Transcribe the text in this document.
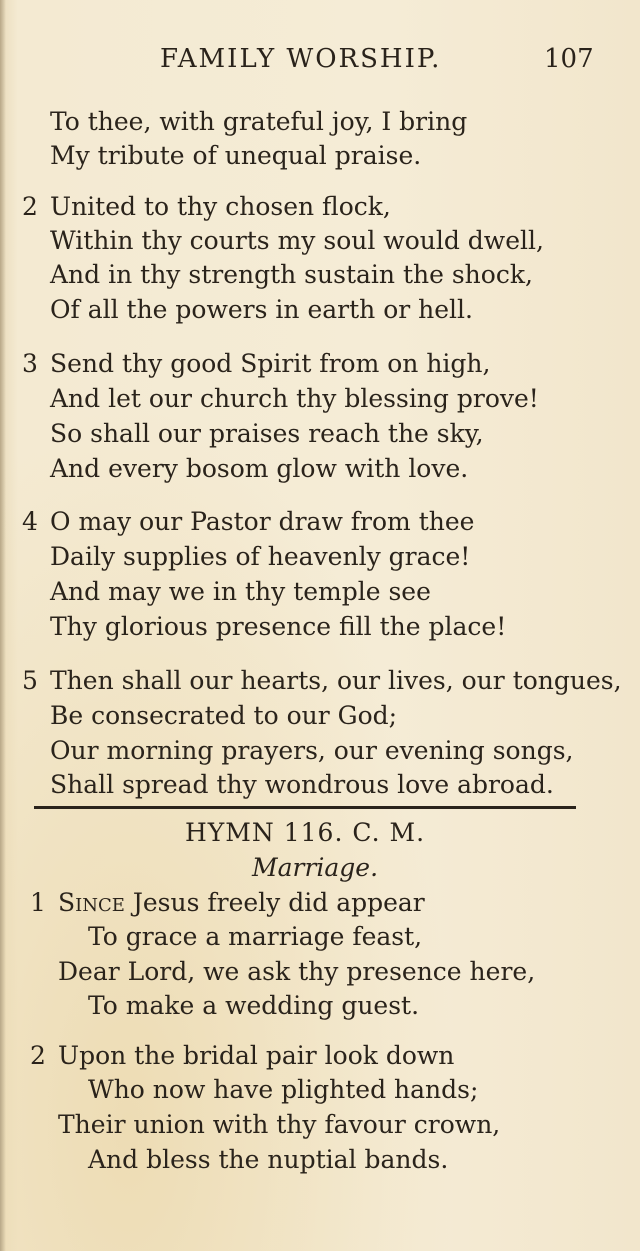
FAMILY WORSHIP.	107
To thee, with grateful joy, I bring
My tribute of unequal praise.
2 United to thy chosen flock,
Within thy courts my soul would dwell,
And in thy strength sustain the shock,
Of all the powers in earth or hell.
3 Send thy good Spirit from on high,
And let our church thy blessing prove!
So shall our praises reach the sky,
And every bosom glow with love.
4 O may our Pastor draw from thee
Daily supplies of heavenly grace!
And may we in thy temple see
Thy glorious presence fill the place!
5 Then shall our hearts, our lives, our tongues,
Be consecrated to our God;
Our morning prayers, our evening songs,
Shall spread thy wondrous love abroad.
HYMN 116. C. M.
Marriage.
1 Since Jesus freely did appear
To grace a marriage feast,
Dear Lord, we ask thy presence here,
To make a wedding guest.
2 Upon the bridal pair look down
Who now have plighted hands;
Their union with thy favour crown,
And bless the nuptial bands.
